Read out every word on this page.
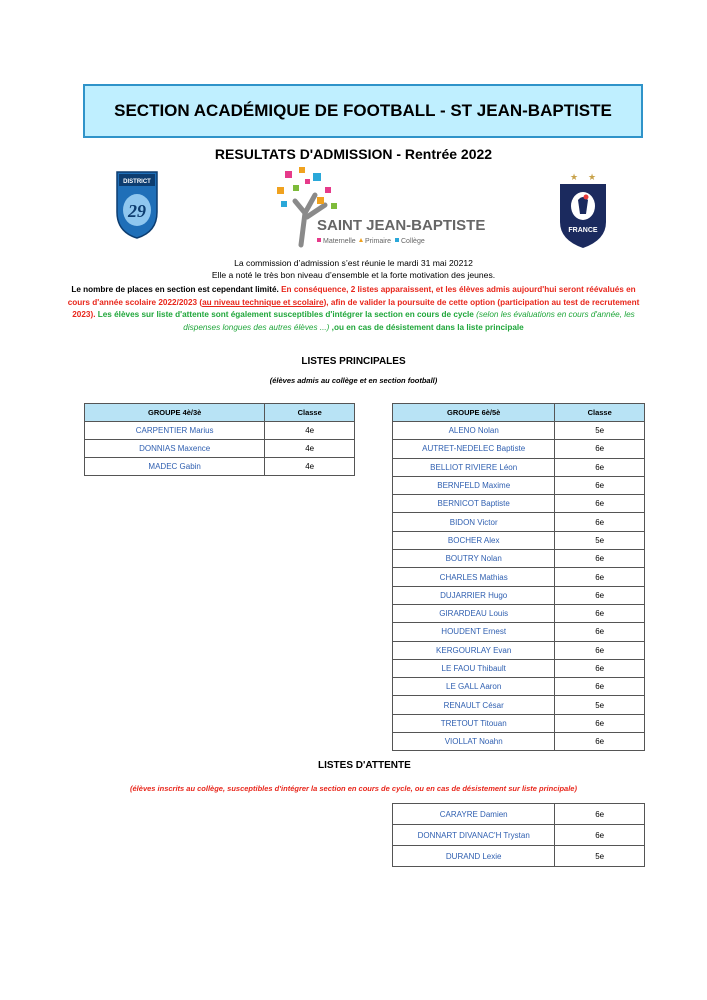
SECTION ACADÉMIQUE DE FOOTBALL - ST JEAN-BAPTISTE
RESULTATS D'ADMISSION - Rentrée 2022
DISTRICT
29
SAINT JEAN-BAPTISTE
Maternelle Primaire Collège
★ ★
FRANCE
La commission d’admission s’est réunie le mardi 31 mai 20212
Elle a noté le très bon niveau d’ensemble et la forte motivation des jeunes.
Le nombre de places en section est cependant limité. En conséquence, 2 listes apparaissent, et les élèves admis aujourd'hui seront réévalués en cours d'année scolaire 2022/2023 (au niveau technique et scolaire), afin de valider la poursuite de cette option (participation au test de recrutement 2023). Les élèves sur liste d'attente sont également susceptibles d'intégrer la section en cours de cycle (selon les évaluations en cours d'année, les dispenses longues des autres élèves ...) ,ou en cas de désistement dans la liste principale
LISTES PRINCIPALES
(élèves admis au collège et en section football)
GROUPE 4è/3è	Classe
CARPENTIER Marius	4e
DONNIAS Maxence	4e
MADEC Gabin	4e
GROUPE 6è/5è	Classe
ALENO Nolan	5e
AUTRET-NEDELEC Baptiste	6e
BELLIOT RIVIERE Léon	6e
BERNFELD Maxime	6e
BERNICOT Baptiste	6e
BIDON Victor	6e
BOCHER Alex	5e
BOUTRY Nolan	6e
CHARLES Mathias	6e
DUJARRIER Hugo	6e
GIRARDEAU Louis	6e
HOUDENT Ernest	6e
KERGOURLAY Evan	6e
LE FAOU Thibault	6e
LE GALL Aaron	6e
RENAULT César	5e
TRETOUT Titouan	6e
VIOLLAT Noahn	6e
LISTES D'ATTENTE
(élèves inscrits au collège, susceptibles d'intégrer la section en cours de cycle, ou en cas de désistement sur liste principale)
CARAYRE Damien	6e
DONNART DIVANAC'H Trystan	6e
DURAND Lexie	5e
